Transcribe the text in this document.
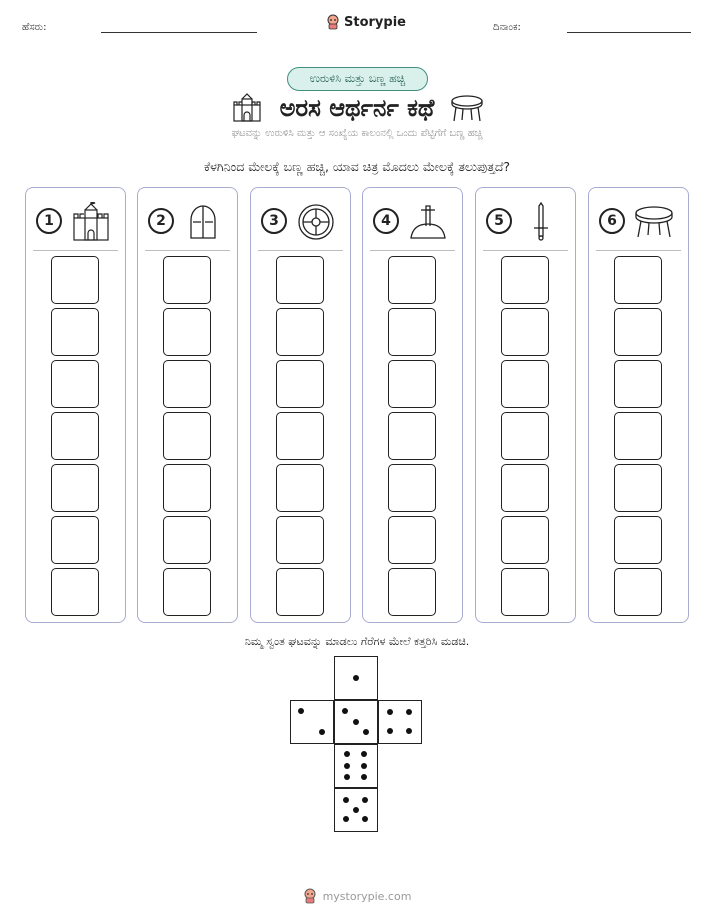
ಹೆಸರು:	Storypie	ದಿನಾಂಕ:
ಉರುಳಿಸಿ ಮತ್ತು ಬಣ್ಣ ಹಚ್ಚಿ
ಅರಸ ಆರ್ಥರ್ನ ಕಥೆ
ಘಟವನ್ನು ಉರುಳಿಸಿ ಮತ್ತು ಆ ಸಂಖ್ಯೆಯ ಕಾಲಂನಲ್ಲಿ ಒಂದು ಪೆಟ್ಟಿಗೆಗೆ ಬಣ್ಣ ಹಚ್ಚಿ
ಕೆಳಗಿನಿಂದ ಮೇಲಕ್ಕೆ ಬಣ್ಣ ಹಚ್ಚಿ, ಯಾವ ಚಿತ್ರ ಮೊದಲು ಮೇಲಕ್ಕೆ ತಲುಪುತ್ತದೆ?
1	2	3	4	5	6
ನಿಮ್ಮ ಸ್ವಂತ ಘಟವನ್ನು ಮಾಡಲು ಗೆರೆಗಳ ಮೇಲೆ ಕತ್ತರಿಸಿ ಮಡಚಿ.
mystorypie.com
